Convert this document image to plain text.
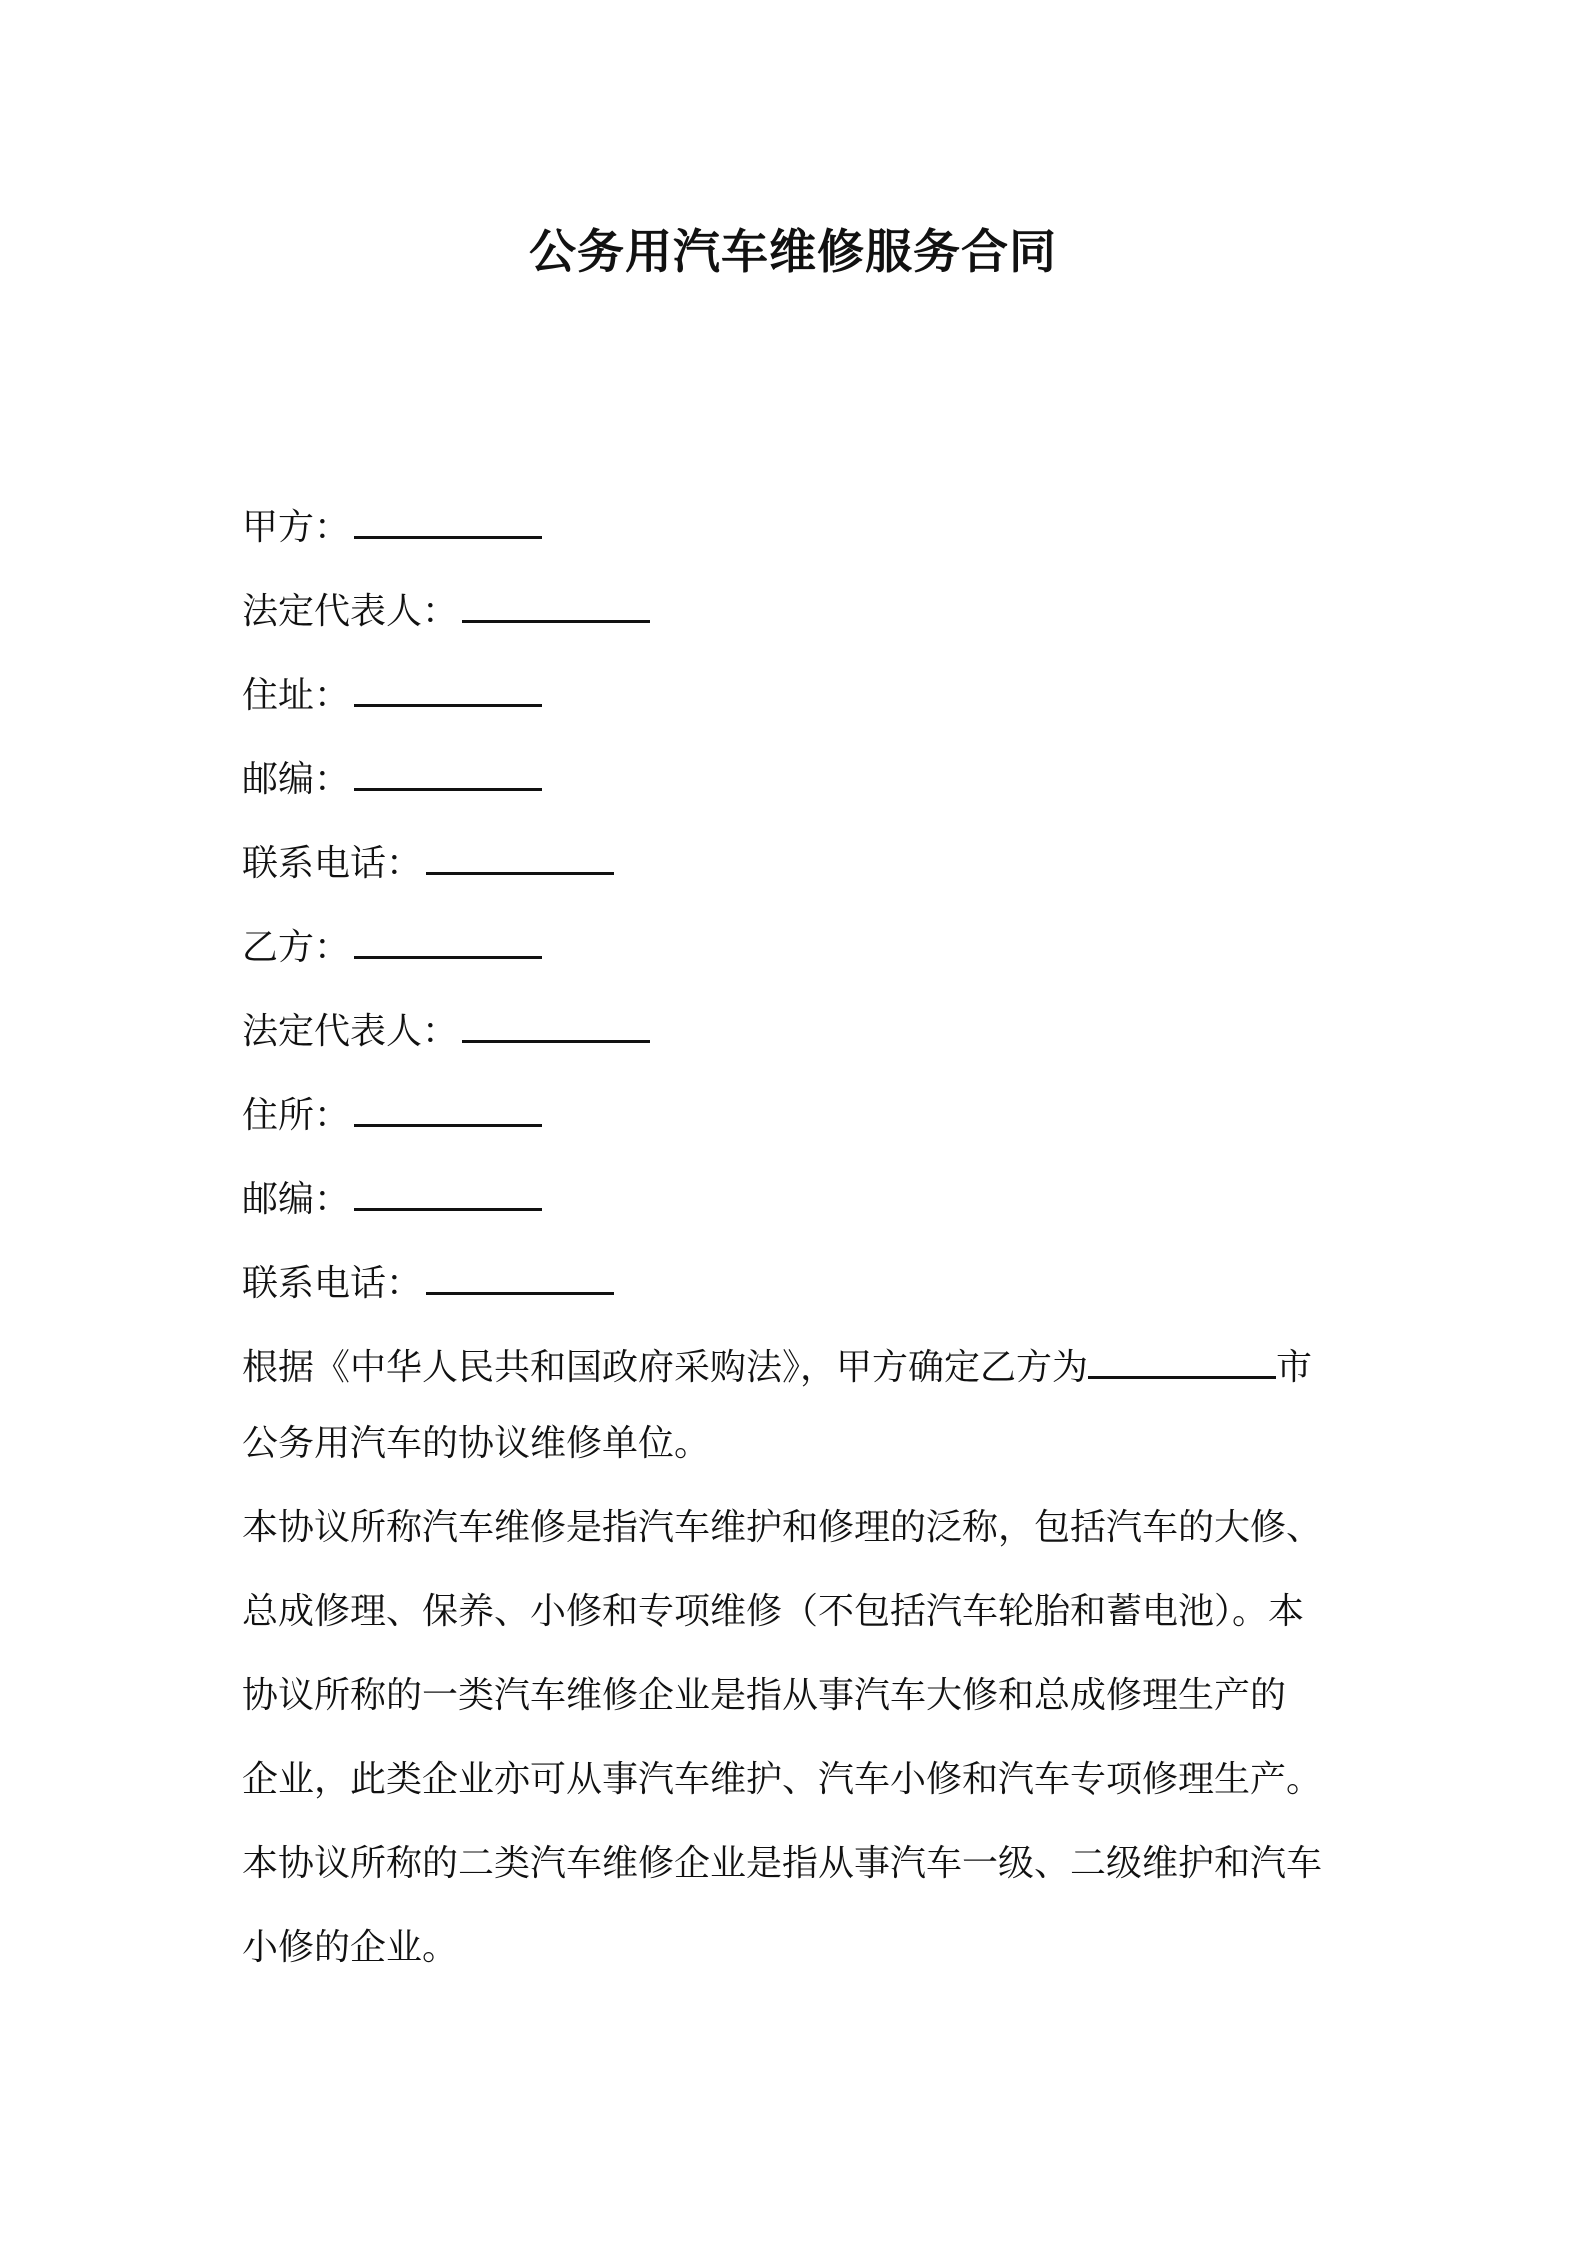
公务用汽车维修服务合同
甲方：
法定代表人：
住址：
邮编：
联系电话：
乙方：
法定代表人：
住所：
邮编：
联系电话：

根据《中华人民共和国政府采购法》，甲方确定乙方为	市
公务用汽车的协议维修单位。

本协议所称汽车维修是指汽车维护和修理的泛称，包括汽车的大修、
总成修理、保养、小修和专项维修（不包括汽车轮胎和蓄电池）。本
协议所称的一类汽车维修企业是指从事汽车大修和总成修理生产的
企业，此类企业亦可从事汽车维护、汽车小修和汽车专项修理生产。

本协议所称的二类汽车维修企业是指从事汽车一级、二级维护和汽车
小修的企业。
